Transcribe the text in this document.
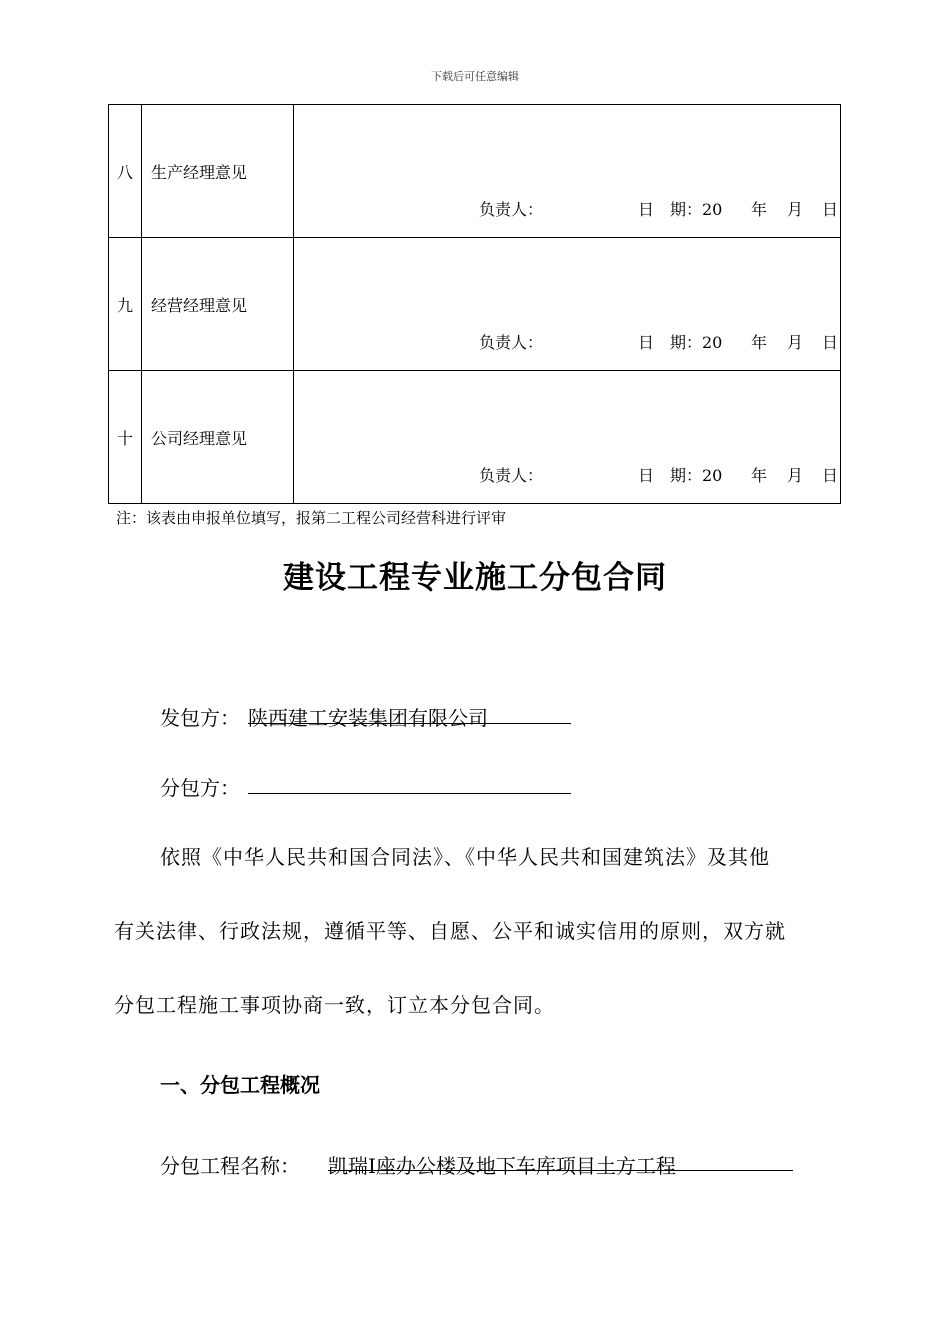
下载后可任意编辑
八	生产经理意见	负责人： 日　期：20 年 月 日

九	经营经理意见	负责人： 日　期：20 年 月 日

十	公司经理意见	负责人： 日　期：20 年 月 日
注：该表由申报单位填写，报第二工程公司经营科进行评审
建设工程专业施工分包合同
发包方： 陕西建工安装集团有限公司
分包方：
依照《中华人民共和国合同法》、《中华人民共和国建筑法》及其他
有关法律、行政法规，遵循平等、自愿、公平和诚实信用的原则，双方就
分包工程施工事项协商一致，订立本分包合同。
一、分包工程概况
分包工程名称： 凯瑞Ⅰ座办公楼及地下车库项目土方工程
